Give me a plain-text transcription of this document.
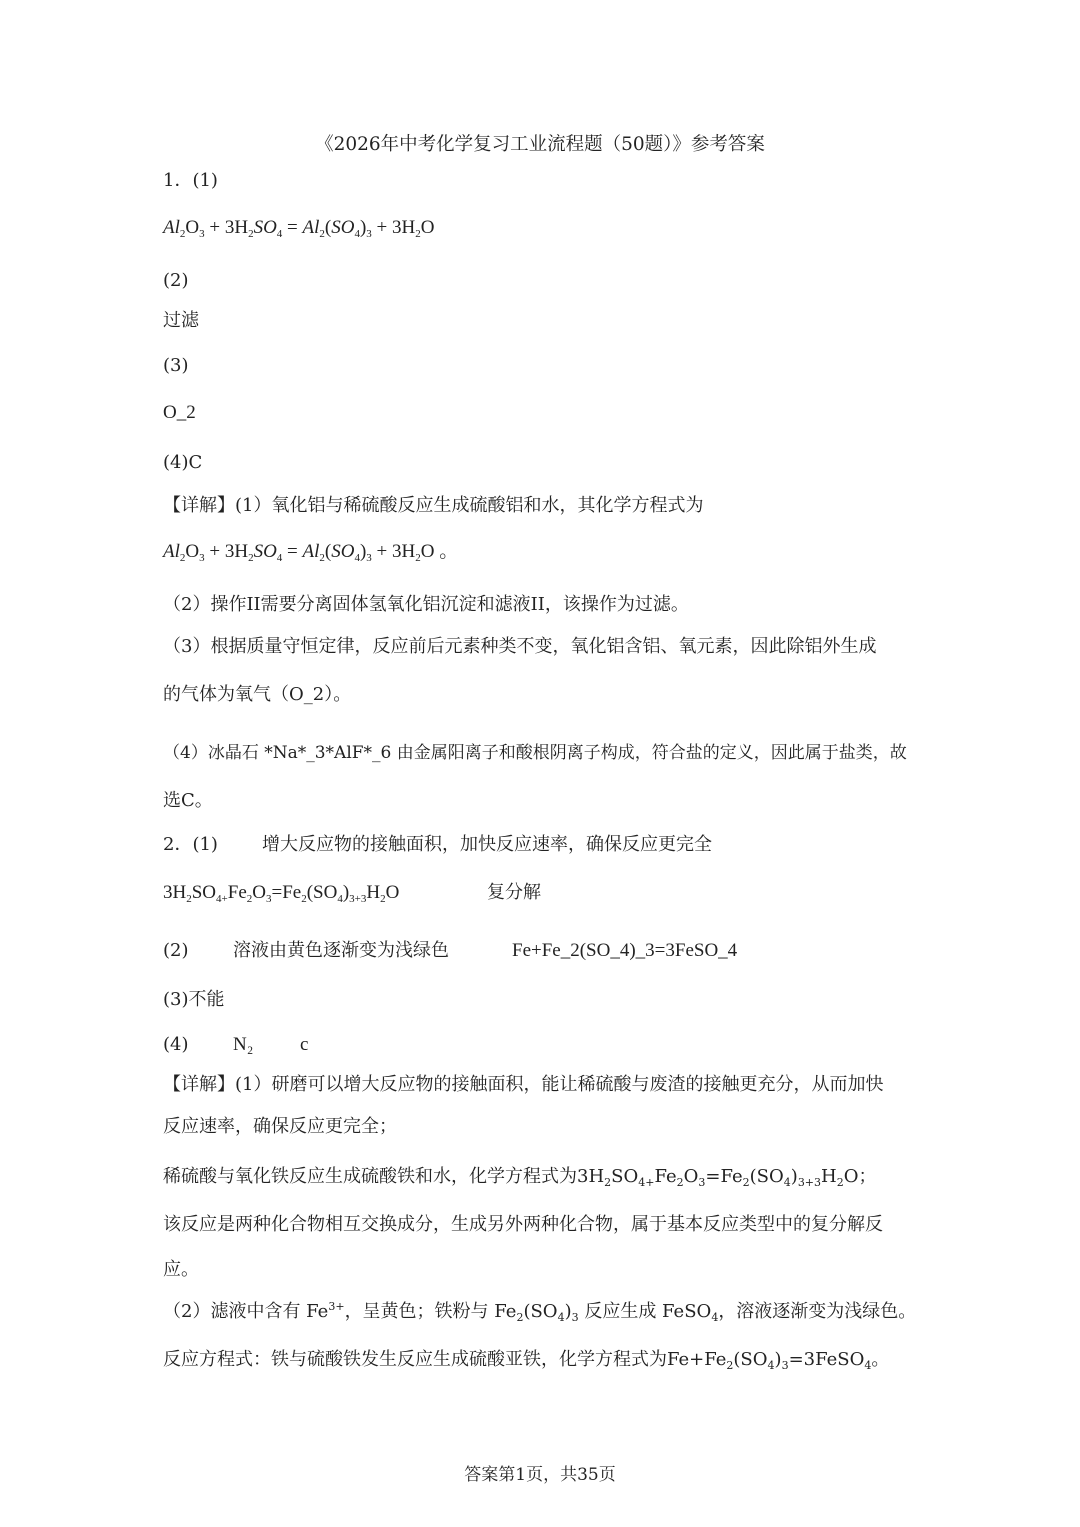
《2026年中考化学复习工业流程题（50题）》参考答案
1．(1)
$Al_2O_3 + 3H_2SO_4 = Al_2(SO_4)_3 + 3H_2O$
(2)
过滤
(3)
O_2
(4)C
【详解】(1）氧化铝与稀硫酸反应生成硫酸铝和水，其化学方程式为
$Al_2O_3 + 3H_2SO_4 = Al_2(SO_4)_3 + 3H_2O$ 。
（2）操作II需要分离固体氢氧化铝沉淀和滤液II，该操作为过滤。
（3）根据质量守恒定律，反应前后元素种类不变，氧化铝含铝、氧元素，因此除铝外生成
的气体为氧气（O_2）。
（4）冰晶石 *Na*_3*AlF*_6 由金属阳离子和酸根阴离子构成，符合盐的定义，因此属于盐类，故
选C。
2．(1) 增大反应物的接触面积，加快反应速率，确保反应更完全
$3H_2SO_{4+}Fe_2O_3=Fe_2(SO_4)_{3+3}H_2O$	复分解
(2) 溶液由黄色逐渐变为浅绿色	Fe+Fe_2(SO_4)_3=3FeSO_4
(3)不能
(4) N₂ c
【详解】(1）研磨可以增大反应物的接触面积，能让稀硫酸与废渣的接触更充分，从而加快
反应速率，确保反应更完全；
稀硫酸与氧化铁反应生成硫酸铁和水，化学方程式为$3H_2SO_{4+}Fe_2O_3=Fe_2(SO_4)_{3+3}H_2O$；
该反应是两种化合物相互交换成分，生成另外两种化合物，属于基本反应类型中的复分解反
应。
（2）滤液中含有 $Fe^{3+}$，呈黄色；铁粉与 $Fe_2(SO_4)_3$ 反应生成 FeSO$_4$，溶液逐渐变为浅绿色。
反应方程式：铁与硫酸铁发生反应生成硫酸亚铁，化学方程式为$Fe+Fe_2(SO_4)_3=3FeSO_4$。
答案第1页，共35页
